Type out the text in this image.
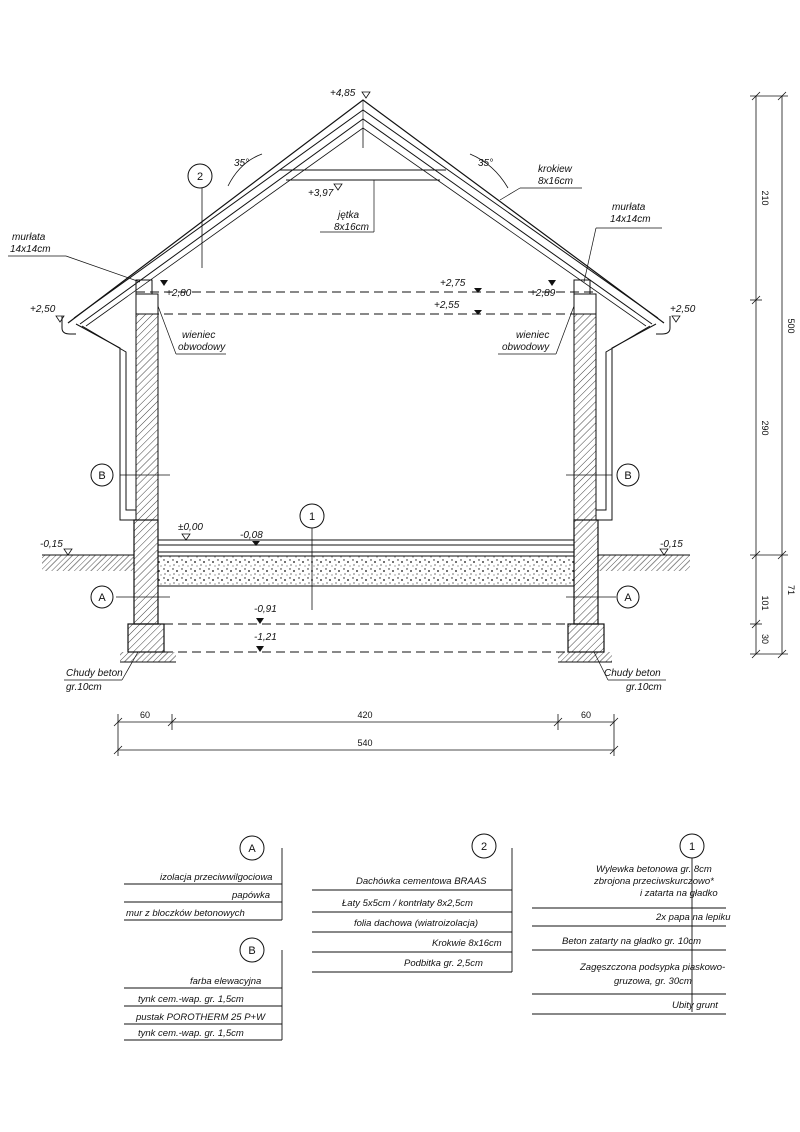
+4,85
+3,97
+2,80	+2,89
+2,75
+2,55
+2,50	+2,50
±0,00
-0,08
-0,15	-0,15
-0,91
-1,21
35°	35°
krokiew
8x16cm
jętka
8x16cm
murłata
14x14cm
murłata
14x14cm
wieniec
obwodowy
wieniec
obwodowy
Chudy beton
gr.10cm
Chudy beton
gr.10cm
2
1
B	B
A	A
60	420	60
540
210
290
500
71
101
30
1
Wylewka betonowa gr. 8cm
zbrojona przeciwskurczowo*
i zatarta na gładko
2x papa na lepiku
Beton zatarty na gładko gr. 10cm
Zagęszczona podsypka piaskowo-
gruzowa, gr. 30cm
Ubity grunt
2
Dachówka cementowa BRAAS
Łaty 5x5cm / kontrłaty 8x2,5cm
folia dachowa (wiatroizolacja)
Krokwie 8x16cm
Podbitka gr. 2,5cm
A
izolacja przeciwwilgociowa
papówka
mur z bloczków betonowych
B
farba elewacyjna
tynk cem.-wap. gr. 1,5cm
pustak POROTHERM 25 P+W
tynk cem.-wap. gr. 1,5cm
